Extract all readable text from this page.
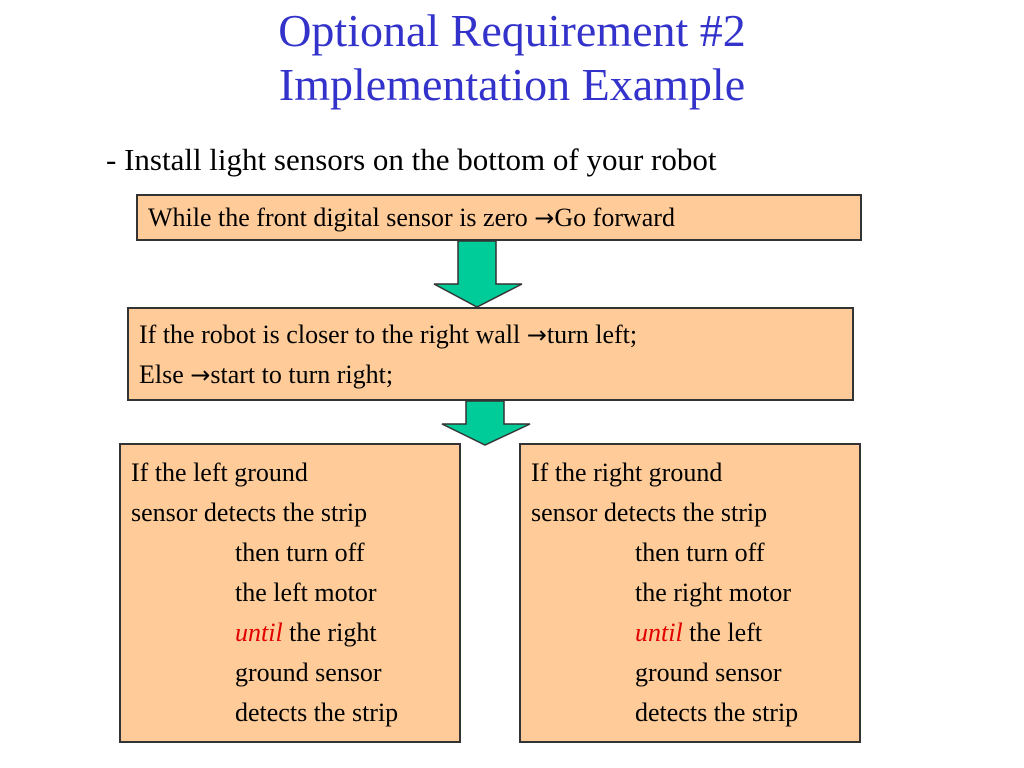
Optional Requirement #2
Implementation Example
- Install light sensors on the bottom of your robot
While the front digital sensor is zero →Go forward
If the robot is closer to the right wall →turn left;
Else →start to turn right;
If the left ground
sensor detects the strip
then turn off
the left motor
until the right
ground sensor
detects the strip
If the right ground
sensor detects the strip
then turn off
the right motor
until the left
ground sensor
detects the strip
